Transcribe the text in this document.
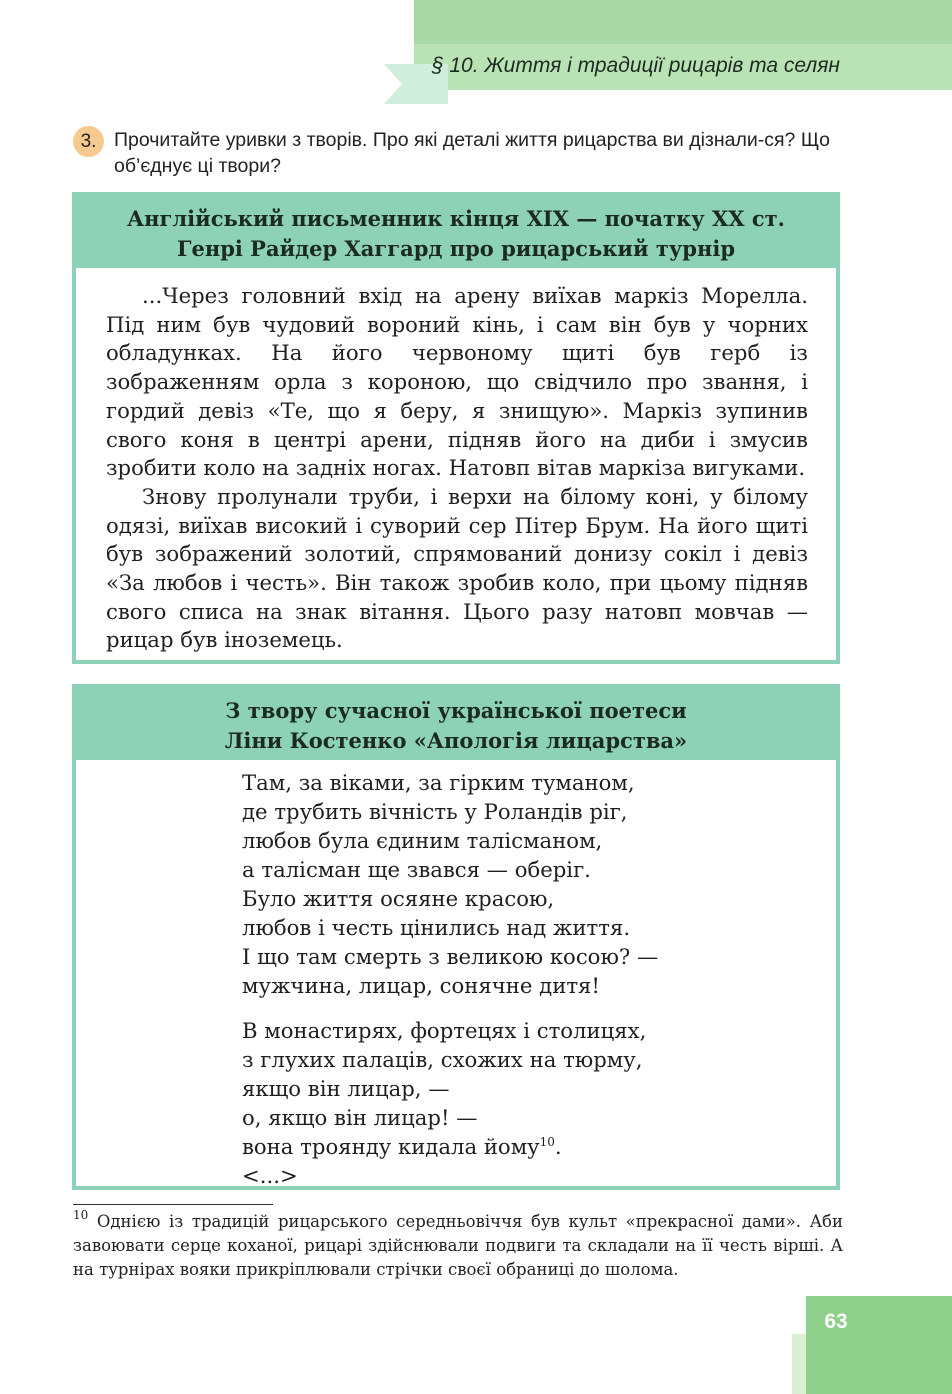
§ 10. Життя і традиції рицарів та селян
3. Прочитайте уривки з творів. Про які деталі життя рицарства ви дізнали-ся? Що об’єднує ці твори?
Англійський письменник кінця XIX — початку XX ст.
Генрі Райдер Хаггард про рицарський турнір

...Через головний вхід на арену виїхав маркіз Морелла. Під ним був чудовий вороний кінь, і сам він був у чорних обладунках. На його червоному щиті був герб із зображенням орла з короною, що свідчило про звання, і гордий девіз «Те, що я беру, я знищую». Маркіз зупинив свого коня в центрі арени, підняв його на диби і змусив зробити коло на задніх ногах. Натовп вітав маркіза вигуками.

Знову пролунали труби, і верхи на білому коні, у білому одязі, виїхав високий і суворий сер Пітер Брум. На його щиті був зображений золотий, спрямований донизу сокіл і девіз «За любов і честь». Він також зробив коло, при цьому підняв свого списа на знак вітання. Цього разу натовп мовчав — рицар був іноземець.

З твору сучасної української поетеси
Ліни Костенко «Апологія лицарства»
Там, за віками, за гірким туманом,
де трубить вічність у Роландів ріг,
любов була єдиним талісманом,
а талісман ще звався — оберіг.
Було життя осяяне красою,
любов і честь цінились над життя.
І що там смерть з великою косою? —
мужчина, лицар, сонячне дитя!
В монастирях, фортецях і столицях,
з глухих палаців, схожих на тюрму,
якщо він лицар, —
о, якщо він лицар! —
вона троянду кидала йому$^{10}$.
<...>
$^{10}$ Однією із традицій рицарського середньовіччя був культ «прекрасної дами». Аби завоювати серце коханої, рицарі здійснювали подвиги та складали на її честь вірші. А на турнірах вояки прикріплювали стрічки своєї обраниці до шолома.
63
